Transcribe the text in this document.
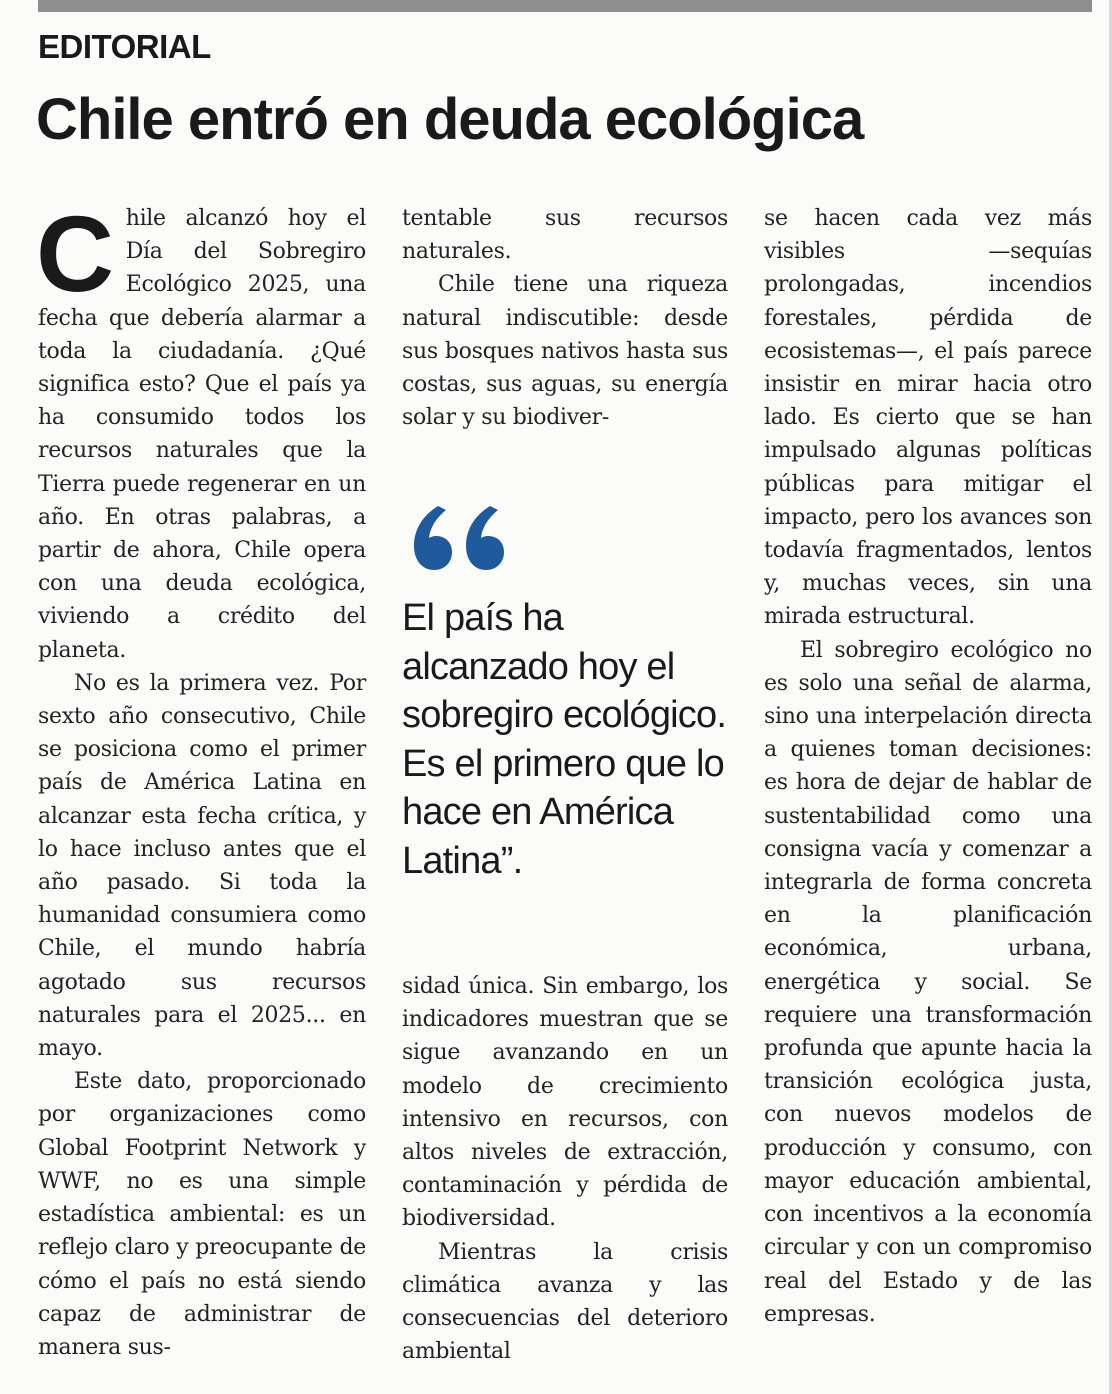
EDITORIAL
Chile entró en deuda ecológica

Chile alcanzó hoy el Día del Sobregiro Ecológico 2025, una fecha que debería alarmar a toda la ciudadanía. ¿Qué significa esto? Que el país ya ha consumido todos los recursos naturales que la Tierra puede regenerar en un año. En otras palabras, a partir de ahora, Chile opera con una deuda ecológica, viviendo a crédito del planeta.

No es la primera vez. Por sexto año consecutivo, Chile se posiciona como el primer país de América Latina en alcanzar esta fecha crítica, y lo hace incluso antes que el año pasado. Si toda la humanidad consumiera como Chile, el mundo habría agotado sus recursos naturales para el 2025... en mayo.

Este dato, proporcionado por organizaciones como Global Footprint Network y WWF, no es una simple estadística ambiental: es un reflejo claro y preocupante de cómo el país no está siendo capaz de administrar de manera sus-

tentable sus recursos naturales.

Chile tiene una riqueza natural indiscutible: desde sus bosques nativos hasta sus costas, sus aguas, su energía solar y su biodiver-

El país ha alcanzado hoy el sobregiro ecológico. Es el primero que lo hace en América Latina”.

sidad única. Sin embargo, los indicadores muestran que se sigue avanzando en un modelo de crecimiento intensivo en recursos, con altos niveles de extracción, contaminación y pérdida de biodiversidad.

Mientras la crisis climática avanza y las consecuencias del deterioro ambiental

se hacen cada vez más visibles —sequías prolongadas, incendios forestales, pérdida de ecosistemas—, el país parece insistir en mirar hacia otro lado. Es cierto que se han impulsado algunas políticas públicas para mitigar el impacto, pero los avances son todavía fragmentados, lentos y, muchas veces, sin una mirada estructural.

El sobregiro ecológico no es solo una señal de alarma, sino una interpelación directa a quienes toman decisiones: es hora de dejar de hablar de sustentabilidad como una consigna vacía y comenzar a integrarla de forma concreta en la planificación económica, urbana, energética y social. Se requiere una transformación profunda que apunte hacia la transición ecológica justa, con nuevos modelos de producción y consumo, con mayor educación ambiental, con incentivos a la economía circular y con un compromiso real del Estado y de las empresas.
